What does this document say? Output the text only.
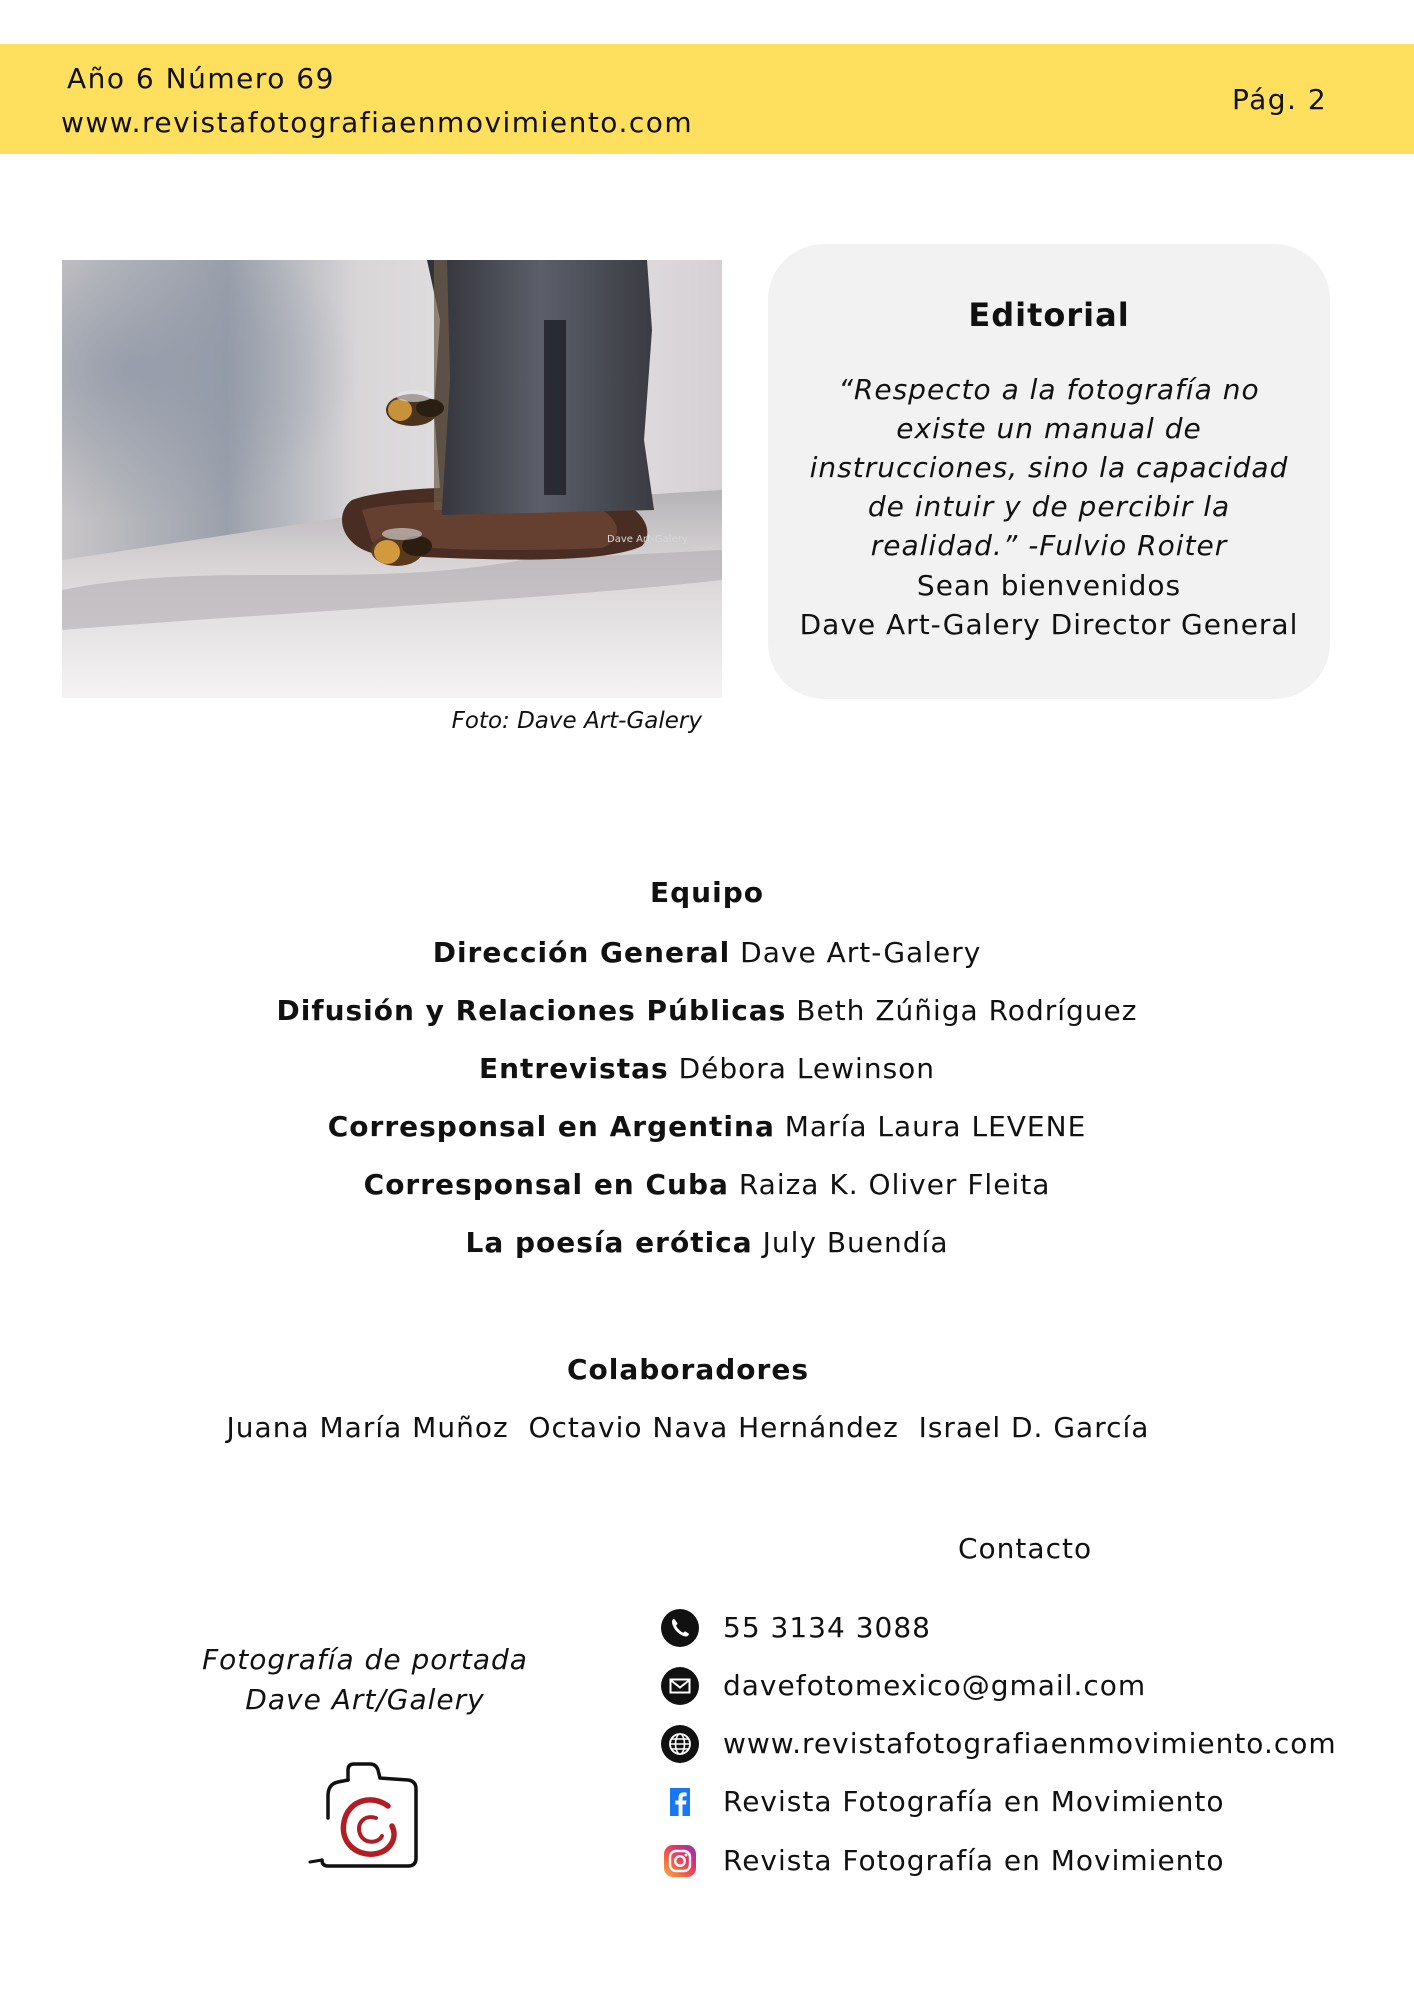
Año 6 Número 69
www.revistafotografiaenmovimiento.com
Pág. 2
Dave Art-Galery
Foto: Dave Art-Galery
Editorial
“Respecto a la fotografía no existe un manual de instrucciones, sino la capacidad de intuir y de percibir la realidad.” -Fulvio Roiter
Sean bienvenidos
Dave Art-Galery Director General
Equipo
Dirección General Dave Art-Galery
Difusión y Relaciones Públicas Beth Zúñiga Rodríguez
Entrevistas Débora Lewinson
Corresponsal en Argentina María Laura LEVENE
Corresponsal en Cuba Raiza K. Oliver Fleita
La poesía erótica July Buendía
Colaboradores
Juana María Muñoz  Octavio Nava Hernández  Israel D. García
Contacto
55 3134 3088
davefotomexico@gmail.com
www.revistafotografiaenmovimiento.com
Revista Fotografía en Movimiento
Revista Fotografía en Movimiento
Fotografía de portada
Dave Art/Galery
